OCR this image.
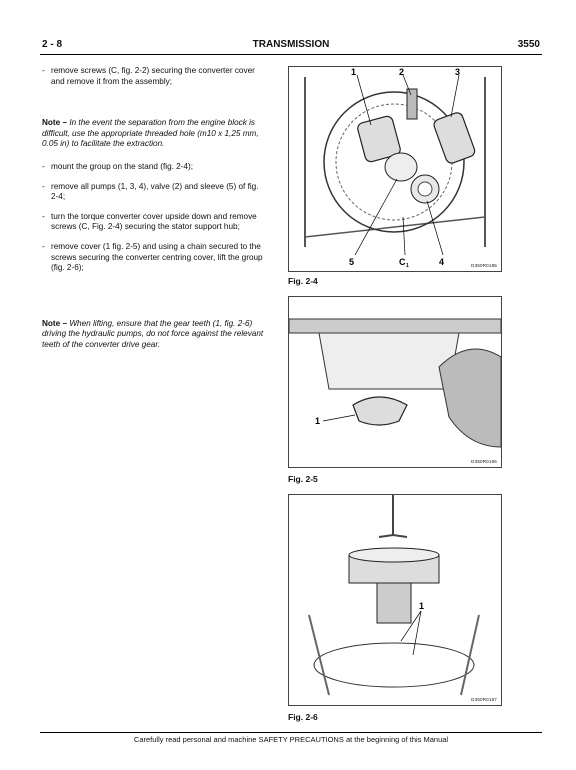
2 - 8	TRANSMISSION	3550
- remove screws (C, fig. 2-2) securing the converter cover and remove it from the assembly;
Note – In the event the separation from the engine block is difficult, use the appropriate threaded hole (m10 x 1,25 mm, 0.05 in) to facilitate the extraction.
- mount the group on the stand (fig. 2-4);
- remove all pumps (1, 3, 4), valve (2) and sleeve (5) of fig. 2-4;
- turn the torque converter cover upside down and remove screws (C, Fig. 2-4) securing the stator support hub;
- remove cover (1 fig. 2-5) and using a chain secured to the screws securing the converter centring cover, lift the group (fig. 2-6);
Note – When lifting, ensure that the gear teeth (1, fig. 2-6) driving the hydraulic pumps, do not force against the relevant teeth of the converter drive gear.
1	2	3
5	C 1	4	D350R0185
Fig. 2-4
1
D350R0186
Fig. 2-5
1
D350R0187
Fig. 2-6
Carefully read personal and machine SAFETY PRECAUTIONS at the beginning of this Manual
